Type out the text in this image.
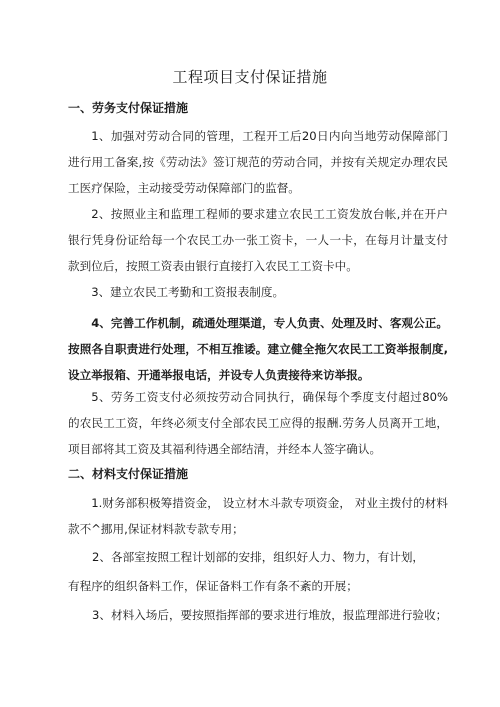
工程项目支付保证措施
一、劳务支付保证措施
1、加强对劳动合同的管理，工程开工后20日内向当地劳动保障部门进行用工备案,按《劳动法》签订规范的劳动合同，并按有关规定办理农民工医疗保险，主动接受劳动保障部门的监督。
2、按照业主和监理工程师的要求建立农民工工资发放台帐,并在开户银行凭身份证给每一个农民工办一张工资卡，一人一卡，在每月计量支付款到位后，按照工资表由银行直接打入农民工工资卡中。
3、建立农民工考勤和工资报表制度。
4、完善工作机制，疏通处理渠道，专人负责、处理及时、客观公正。按照各自职责进行处理，不相互推诿。建立健全拖欠农民工工资举报制度,设立举报箱、开通举报电话，并设专人负责接待来访举报。
5、劳务工资支付必须按劳动合同执行，确保每个季度支付超过80%的农民工工资，年终必须支付全部农民工应得的报酬.劳务人员离开工地，项目部将其工资及其福利待遇全部结清，并经本人签字确认。
二、材料支付保证措施
1.财务部积极筹措资金， 设立材木斗款专项资金， 对业主拨付的材料款不^挪用,保证材料款专款专用；
2、各部室按照工程计划部的安排，组织好人力、物力，有计划，
有程序的组织备料工作，保证备料工作有条不紊的开展；
3、材料入场后，要按照指挥部的要求进行堆放，报监理部进行验收；
